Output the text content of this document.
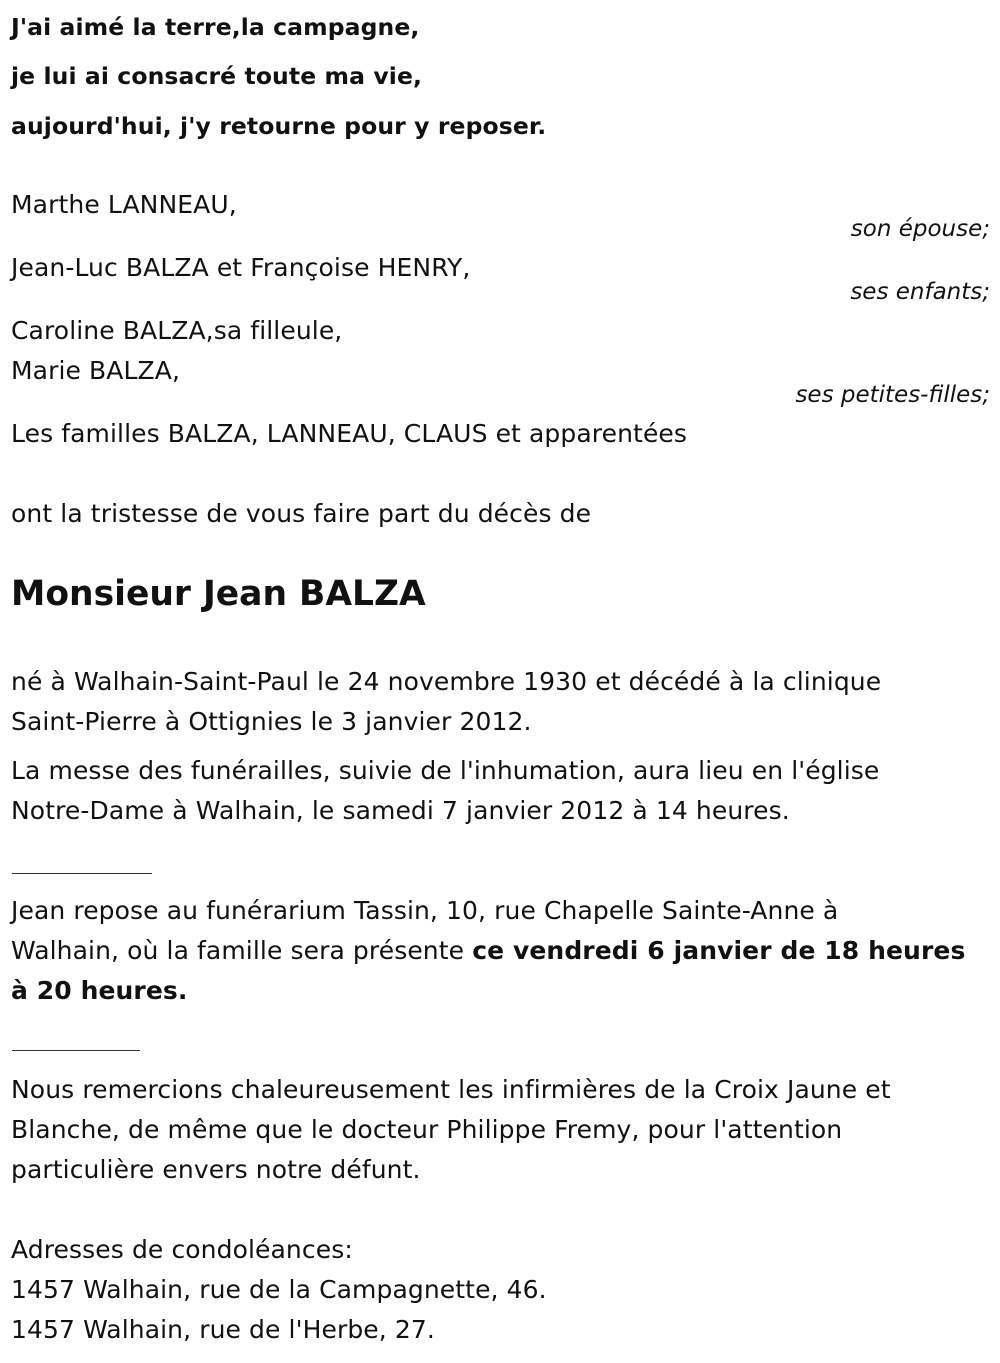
J'ai aimé la terre,la campagne,
je lui ai consacré toute ma vie,
aujourd'hui, j'y retourne pour y reposer.
Marthe LANNEAU,
son épouse;
Jean-Luc BALZA et Françoise HENRY,
ses enfants;
Caroline BALZA,sa filleule,
Marie BALZA,
ses petites-filles;
Les familles BALZA, LANNEAU, CLAUS et apparentées
ont la tristesse de vous faire part du décès de
Monsieur Jean BALZA
né à Walhain-Saint-Paul le 24 novembre 1930 et décédé à la clinique
Saint-Pierre à Ottignies le 3 janvier 2012.
La messe des funérailles, suivie de l'inhumation, aura lieu en l'église
Notre-Dame à Walhain, le samedi 7 janvier 2012 à 14 heures.
Jean repose au funérarium Tassin, 10, rue Chapelle Sainte-Anne à
Walhain, où la famille sera présente ce vendredi 6 janvier de 18 heures
à 20 heures.
Nous remercions chaleureusement les infirmières de la Croix Jaune et
Blanche, de même que le docteur Philippe Fremy, pour l'attention
particulière envers notre défunt.
Adresses de condoléances:
1457 Walhain, rue de la Campagnette, 46.
1457 Walhain, rue de l'Herbe, 27.
